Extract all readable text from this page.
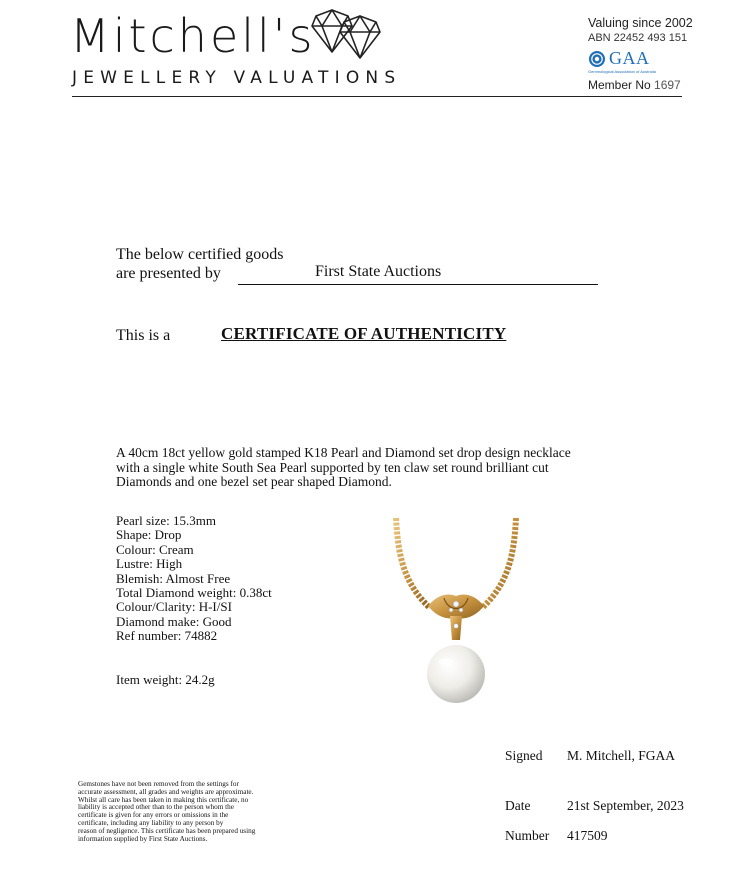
Mitchell's
JEWELLERY VALUATIONS
Valuing since 2002
ABN 22452 493 151
GAA
Gemmological Association of Australia
Member No 1697
The below certified goods
are presented by	First State Auctions
This is a	CERTIFICATE OF AUTHENTICITY

A 40cm 18ct yellow gold stamped K18 Pearl and Diamond set drop design necklace

with a single white South Sea Pearl supported by ten claw set round brilliant cut

Diamonds and one bezel set pear shaped Diamond.

Pearl size: 15.3mm
Shape: Drop
Colour: Cream
Lustre: High
Blemish: Almost Free
Total Diamond weight: 0.38ct
Colour/Clarity: H-I/SI
Diamond make: Good
Ref number: 74882
Item weight: 24.2g
Signed M. Mitchell, FGAA
Date	21st September, 2023
Number 417509
Gemstones have not been removed from the settings for
accurate assessment, all grades and weights are approximate.
Whilst all care has been taken in making this certificate, no
liability is accepted other than to the person whom the
certificate is given for any errors or omissions in the
certificate, including any liability to any person by
reason of negligence. This certificate has been prepared using
information supplied by First State Auctions.
